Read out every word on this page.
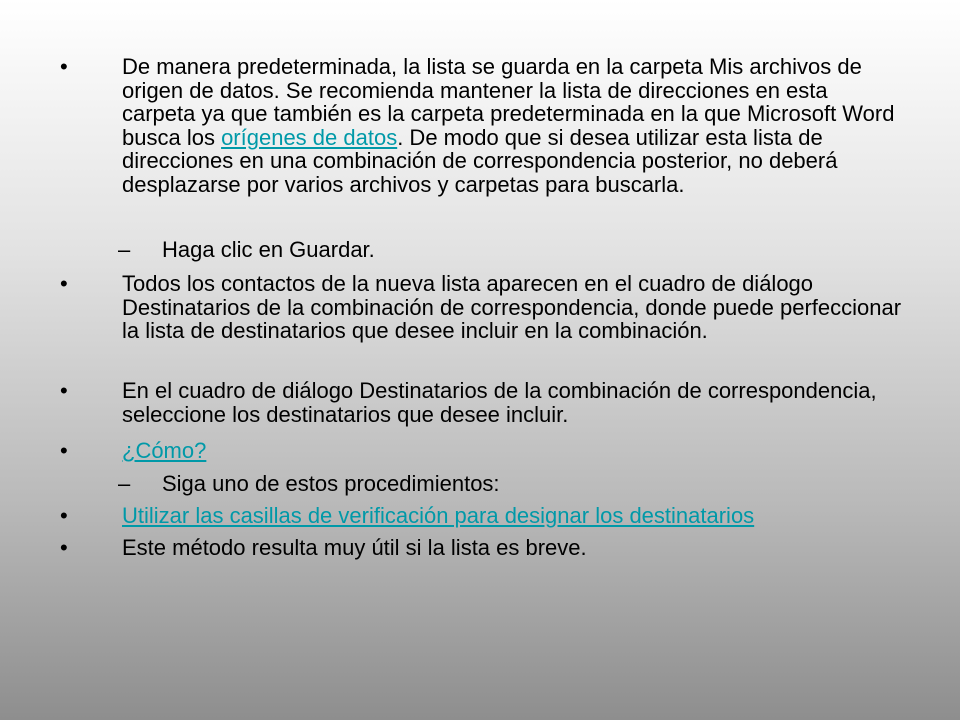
• De manera predeterminada, la lista se guarda en la carpeta Mis archivos de origen de datos. Se recomienda mantener la lista de direcciones en esta carpeta ya que también es la carpeta predeterminada en la que Microsoft Word busca los orígenes de datos. De modo que si desea utilizar esta lista de direcciones en una combinación de correspondencia posterior, no deberá desplazarse por varios archivos y carpetas para buscarla.
– Haga clic en Guardar.
• Todos los contactos de la nueva lista aparecen en el cuadro de diálogo Destinatarios de la combinación de correspondencia, donde puede perfeccionar la lista de destinatarios que desee incluir en la combinación.
• En el cuadro de diálogo Destinatarios de la combinación de correspondencia, seleccione los destinatarios que desee incluir.
• ¿Cómo?
– Siga uno de estos procedimientos:
• Utilizar las casillas de verificación para designar los destinatarios
• Este método resulta muy útil si la lista es breve.
